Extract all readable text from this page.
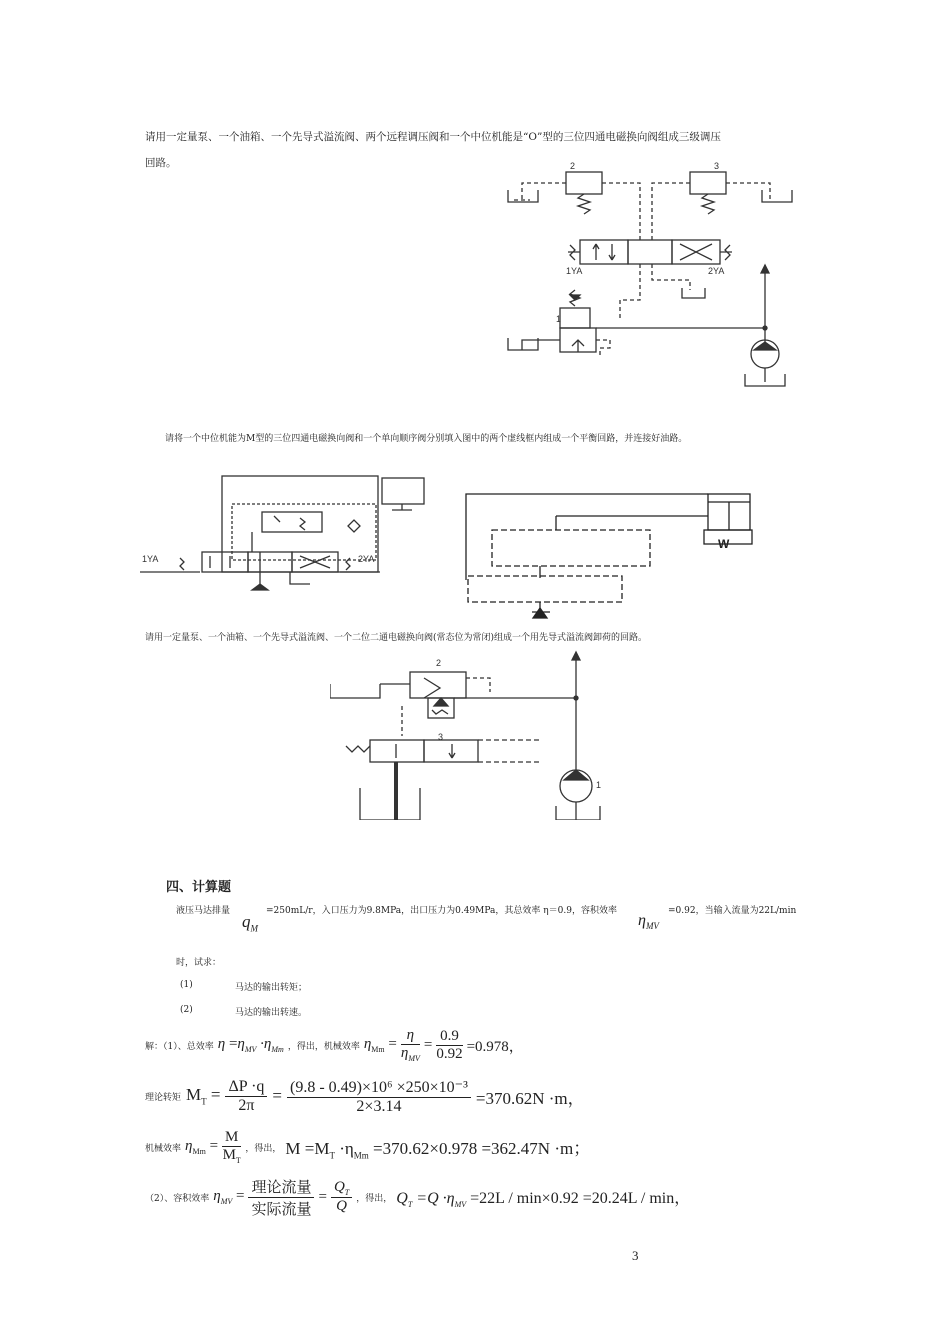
请用一定量泵、一个油箱、一个先导式溢流阀、两个远程调压阀和一个中位机能是“O”型的三位四通电磁换向阀组成三级调压
回路。	2	3
1YA	2YA
1
请将一个中位机能为M型的三位四通电磁换向阀和一个单向顺序阀分别填入图中的两个虚线框内组成一个平衡回路，并连接好油路。
1YA	2YA
W
请用一定量泵、一个油箱、一个先导式溢流阀、一个二位二通电磁换向阀(常态位为常闭)组成一个用先导式溢流阀卸荷的回路。
2
3
1
四、计算题
液压马达排量
$q_M$
=250mL/r，入口压力为9.8MPa，出口压力为0.49MPa，其总效率 η＝0.9，容积效率
$\eta_{MV}$
=0.92，当输入流量为22L/min
时，试求：
(1)	马达的输出转矩；
(2)	马达的输出转速。
解：（1）、总效率 $\eta =\eta_{MV} \cdot\eta_{Mm}$ ，得出，机械效率 $\eta_{Mm} = \frac{\eta}{\eta_{MV}} = \frac{0.9}{0.92} =0.978$，
理论转矩 $M_T = \frac{\Delta P \cdot q}{2\pi} = \frac{\text{(9.8 - 0.49)×10⁶ ×250×10⁻³}}{2\times 3.14} =370.62N \cdot m$，
机械效率 $\eta_{Mm} = \frac{M}{M_T}$ ，得出， $M =M_T \cdot\eta_{Mm} =370.62\times 0.978 =362.47N \cdot m$；
（2）、容积效率 $\eta_{MV} = \frac{\text{理论流量}}{\text{实际流量}} = \frac{Q_T}{Q}$ ，得出， $Q_T =Q \cdot\eta_{MV} =22L / \min\times 0.92 =20.24L / \min$，
3
